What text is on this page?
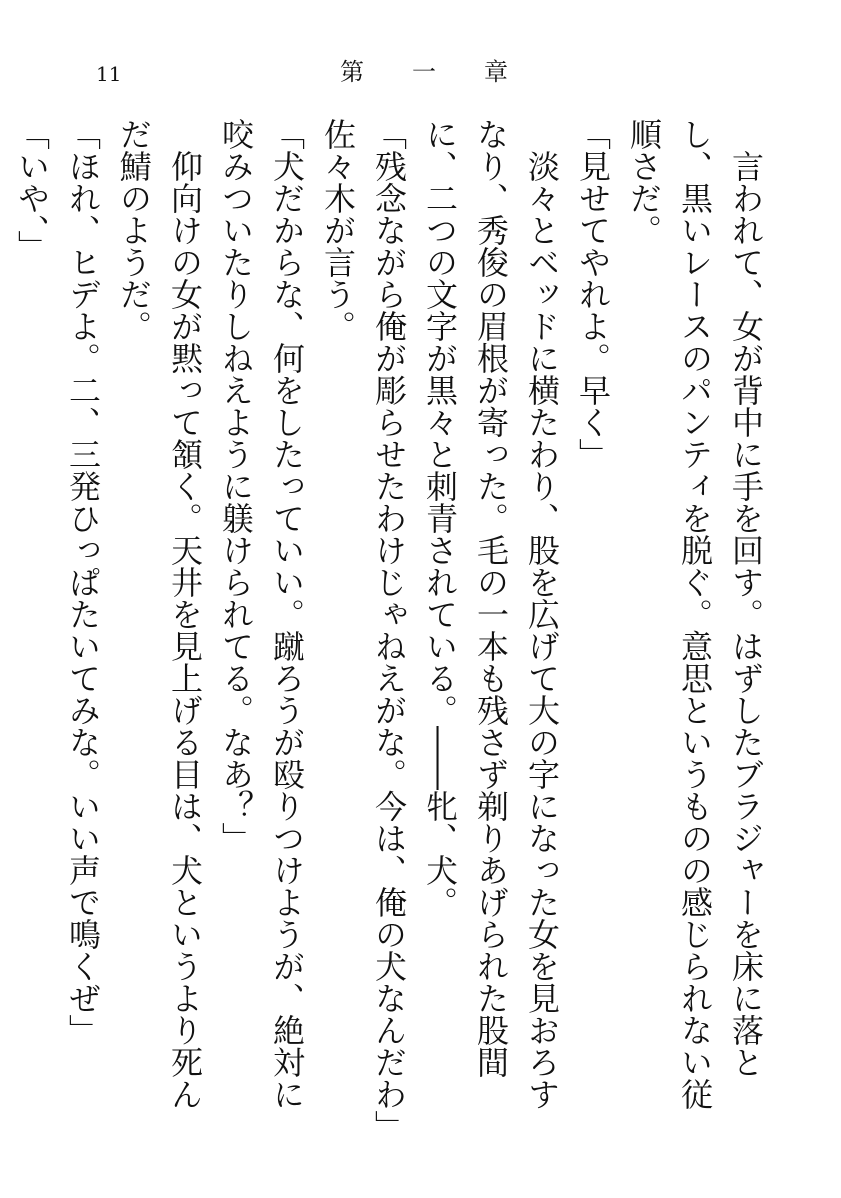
11	第一章

言われて、女が背中に手を回す。はずしたブラジャーを床に落とし、黒いレースのパンティを脱ぐ。意思というものの感じられない従順さだ。

「見せてやれよ。早く」

淡々とベッドに横たわり、股を広げて大の字になった女を見おろすなり、秀俊の眉根が寄った。毛の一本も残さず剃りあげられた股間に、二つの文字が黒々と刺青されている。――牝、犬。

「残念ながら俺が彫らせたわけじゃねえがな。今は、俺の犬なんだわ」佐々木が言う。

「犬だからな、何をしたっていい。蹴ろうが殴りつけようが、絶対に咬みついたりしねえように躾けられてる。なあ？」

仰向けの女が黙って頷く。天井を見上げる目は、犬というより死んだ鯖のようだ。

「ほれ、ヒデよ。二、三発ひっぱたいてみな。いい声で鳴くぜ」

「いや、」
